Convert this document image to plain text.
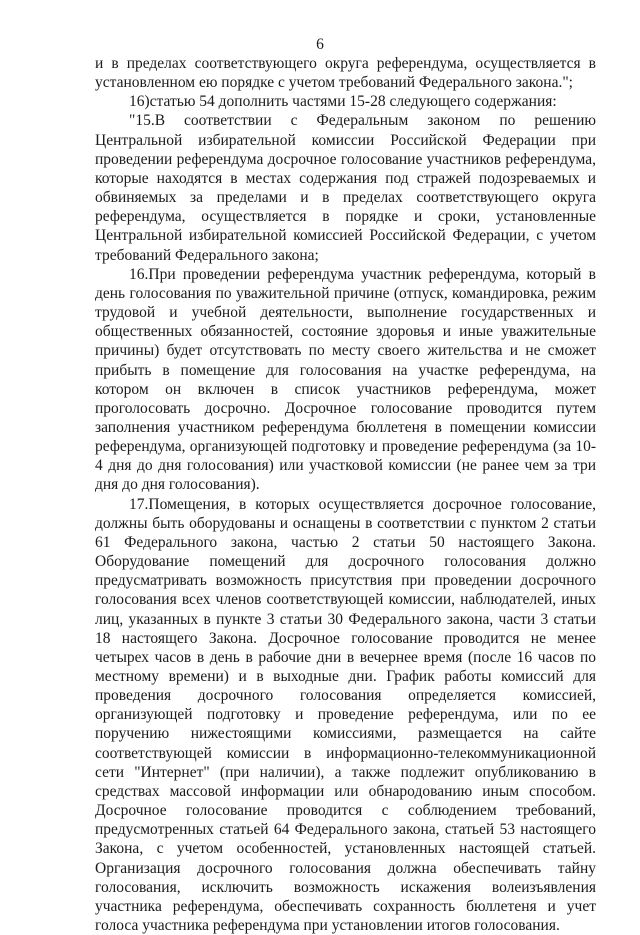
6

и в пределах соответствующего округа референдума, осуществляется в установленном ею порядке с учетом требований Федерального закона.";

16)статью 54 дополнить частями 15-28 следующего содержания:

"15.В соответствии с Федеральным законом по решению Центральной избирательной комиссии Российской Федерации при проведении референдума досрочное голосование участников референдума, которые находятся в местах содержания под стражей подозреваемых и обвиняемых за пределами и в пределах соответствующего округа референдума, осуществляется в порядке и сроки, установленные Центральной избирательной комиссией Российской Федерации, с учетом требований Федерального закона;

16.При проведении референдума участник референдума, который в день голосования по уважительной причине (отпуск, командировка, режим трудовой и учебной деятельности, выполнение государственных и общественных обязанностей, состояние здоровья и иные уважительные причины) будет отсутствовать по месту своего жительства и не сможет прибыть в помещение для голосования на участке референдума, на котором он включен в список участников референдума, может проголосовать досрочно. Досрочное голосование проводится путем заполнения участником референдума бюллетеня в помещении комиссии референдума, организующей подготовку и проведение референдума (за 10-4 дня до дня голосования) или участковой комиссии (не ранее чем за три дня до дня голосования).

17.Помещения, в которых осуществляется досрочное голосование, должны быть оборудованы и оснащены в соответствии с пунктом 2 статьи 61 Федерального закона, частью 2 статьи 50 настоящего Закона. Оборудование помещений для досрочного голосования должно предусматривать возможность присутствия при проведении досрочного голосования всех членов соответствующей комиссии, наблюдателей, иных лиц, указанных в пункте 3 статьи 30 Федерального закона, части 3 статьи 18 настоящего Закона. Досрочное голосование проводится не менее четырех часов в день в рабочие дни в вечернее время (после 16 часов по местному времени) и в выходные дни. График работы комиссий для проведения досрочного голосования определяется комиссией, организующей подготовку и проведение референдума, или по ее поручению нижестоящими комиссиями, размещается на сайте соответствующей комиссии в информационно-телекоммуникационной сети "Интернет" (при наличии), а также подлежит опубликованию в средствах массовой информации или обнародованию иным способом. Досрочное голосование проводится с соблюдением требований, предусмотренных статьей 64 Федерального закона, статьей 53 настоящего Закона, с учетом особенностей, установленных настоящей статьей. Организация досрочного голосования должна обеспечивать тайну голосования, исключить возможность искажения волеизъявления участника референдума, обеспечивать сохранность бюллетеня и учет голоса участника референдума при установлении итогов голосования.
